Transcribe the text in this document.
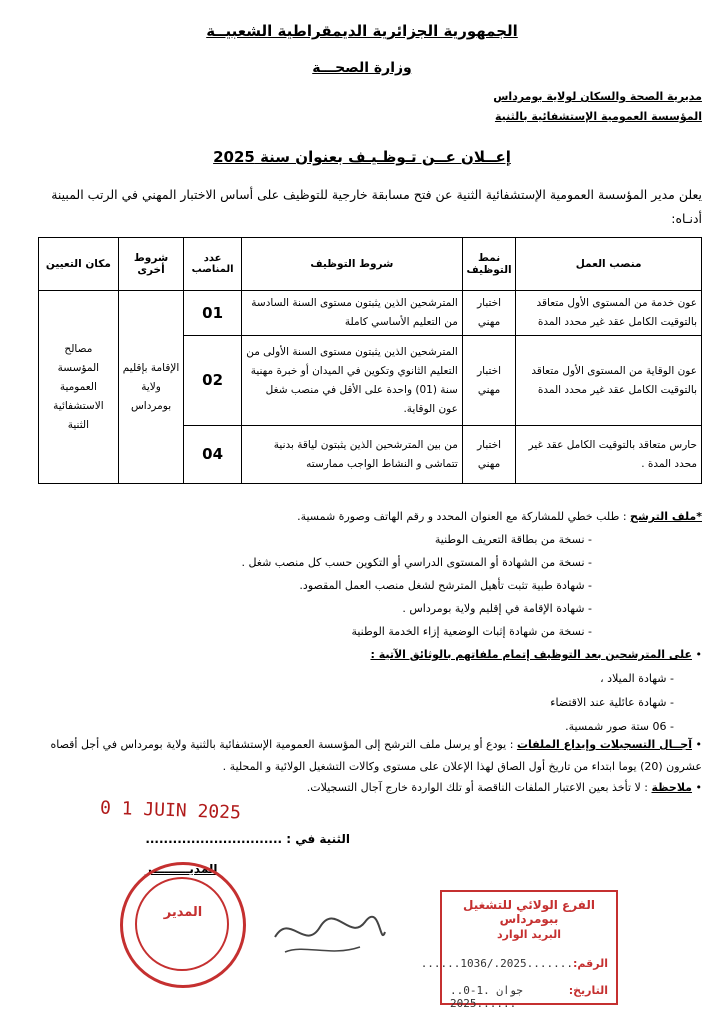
الجمهورية الجزائرية الديمقراطية الشعبيــة
وزارة الصحـــة
مديرية الصحة والسكان لولاية بومرداس
المؤسسة العمومية الإستشفائية بالثنية
إعــلان عــن تـوظـيـف بعنوان سنة 2025
يعلن مدير المؤسسة العمومية الإستشفائية الثنية عن فتح مسابقة خارجية للتوظيف على أساس الاختبار المهني في الرتب المبينة أدنـاه:
منصب العمل	نمط التوظيف	شروط التوظيف	عدد المناصب	شروط أخرى	مكان التعيين
عون خدمة من المستوى الأول متعاقد بالتوقيت الكامل عقد غير محدد المدة	اختبار مهني	المترشحين الذين يثبتون مستوى السنة السادسة من التعليم الأساسي كاملة	01	الإقامة بإقليم ولاية بومرداس	مصالح المؤسسة العمومية الاستشفائية الثنية
عون الوقاية من المستوى الأول متعاقد بالتوقيت الكامل عقد غير محدد المدة	اختبار مهني	المترشحين الذين يثبتون مستوى السنة الأولى من التعليم الثانوي وتكوين في الميدان أو خبرة مهنية سنة (01) واحدة على الأقل في منصب شغل عون الوقاية.	02		
حارس متعاقد بالتوقيت الكامل عقد غير محدد المدة .	اختبار مهني	من بين المترشحين الذين يثبتون لياقة بدنية تتماشى و النشاط الواجب ممارسته	04		
*ملف الترشح : طلب خطي للمشاركة مع العنوان المحدد و رقم الهاتف وصورة شمسية.
- نسخة من بطاقة التعريف الوطنية
- نسخة من الشهادة أو المستوى الدراسي أو التكوين حسب كل منصب شغل .
- شهادة طبية تثبت تأهيل المترشح لشغل منصب العمل المقصود.
- شهادة الإقامة في إقليم ولاية بومرداس .
- نسخة من شهادة إثبات الوضعية إزاء الخدمة الوطنية
• على المترشحين بعد التوظيف إتمام ملفاتهم بالوثائق الآتية :
- شهادة الميلاد ،
- شهادة عائلية عند الاقتضاء
- 06 ستة صور شمسية.
• آجــال التسجيلات وإيداع الملفات : يودع أو يرسل ملف الترشح إلى المؤسسة العمومية الإستشفائية بالثنية ولاية بومرداس في أجل أقصاه عشرون (20) يوما ابتداء من تاريخ أول الصاق لهذا الإعلان على مستوى وكالات التشغيل الولائية و المحلية .
• ملاحظة : لا تأخذ بعين الاعتبار الملفات الناقصة أو تلك الواردة خارج آجال التسجيلات.
0 1 JUIN 2025
الثنية في : ..............................
المديـــــــــر
المدير	الفرع الولائي للتشغيل ببومرداس
البريد الوارد
الرقم:
......1036/.2025.......
التاريخ:
..0-1. جوان 2025......
